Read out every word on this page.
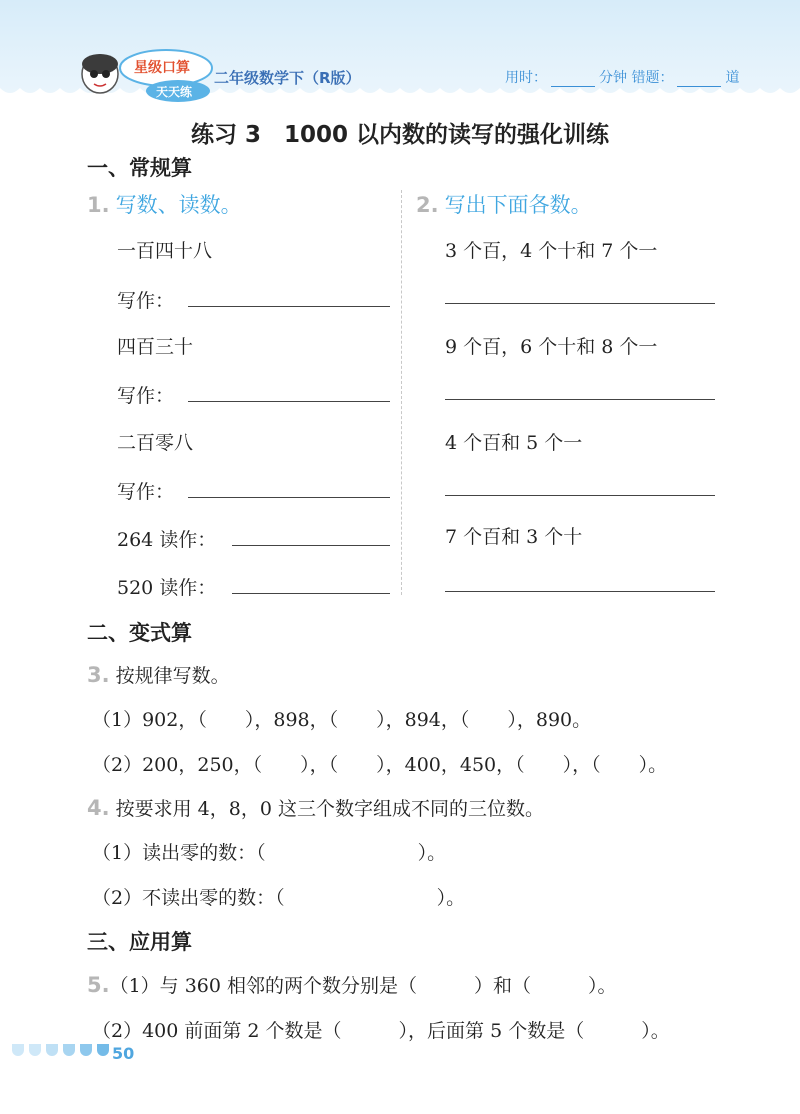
星级口算
天天练
二年级数学下（R版）	用时：	分钟 错题：	道
练习 3　1000 以内数的读写的强化训练
一、常规算
1. 写数、读数。	2. 写出下面各数。
一百四十八
写作：
四百三十
写作：
二百零八
写作：
264 读作：
520 读作：
3 个百，4 个十和 7 个一
9 个百，6 个十和 8 个一
4 个百和 5 个一
7 个百和 3 个十
二、变式算
3. 按规律写数。
（1）902，（　　），898，（　　），894，（　　），890。
（2）200，250，（　　），（　　），400，450，（　　），（　　）。
4. 按要求用 4，8，0 这三个数字组成不同的三位数。
（1）读出零的数：（　　　　　　　　）。
（2）不读出零的数：（　　　　　　　　）。
三、应用算
5.（1）与 360 相邻的两个数分别是（　　　）和（　　　）。
（2）400 前面第 2 个数是（　　　），后面第 5 个数是（　　　）。
50
